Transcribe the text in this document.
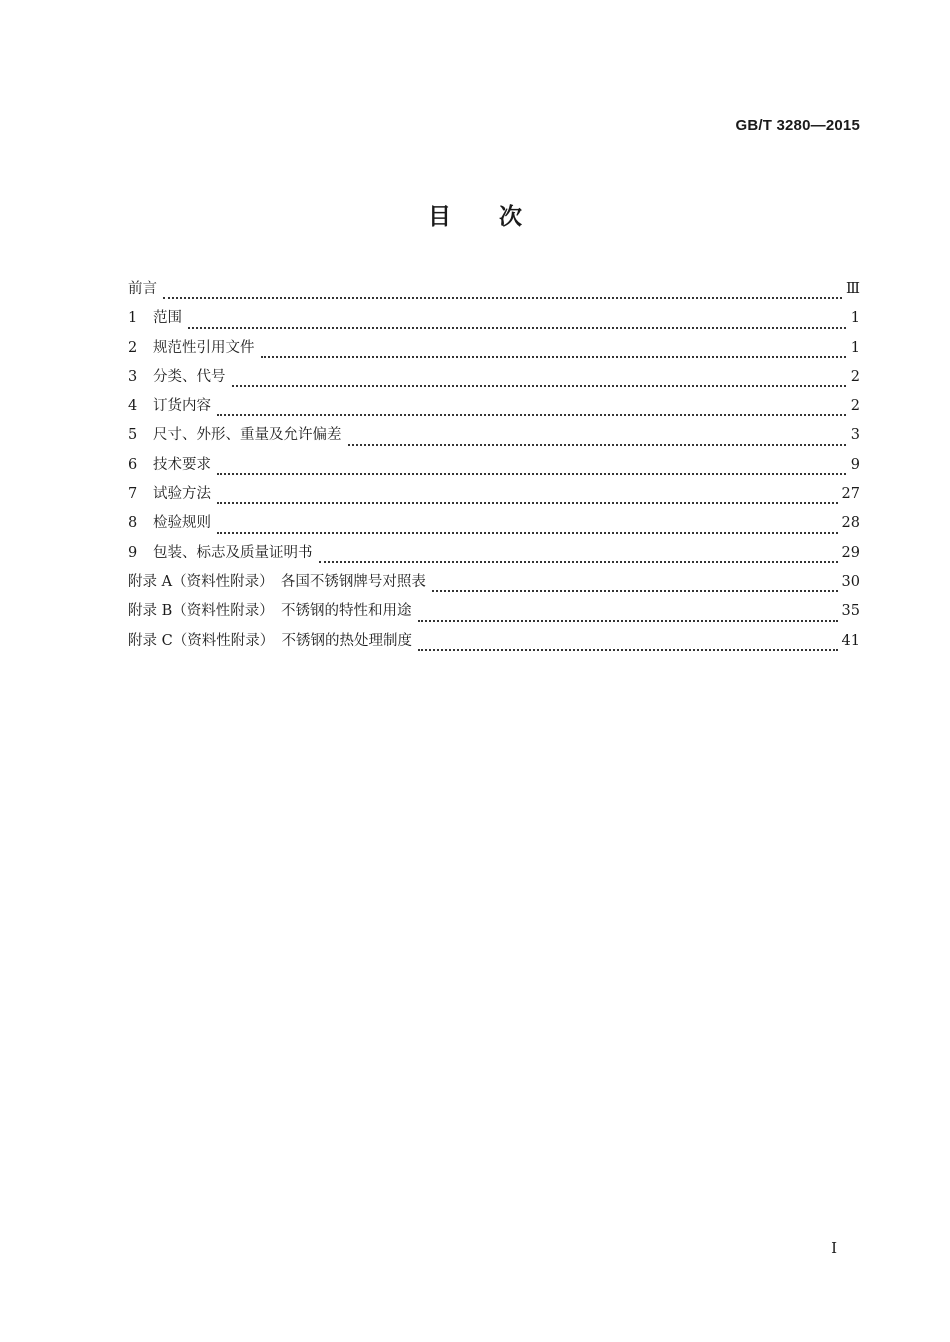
GB/T 3280—2015
目次
前言	Ⅲ
1	范围	1
2	规范性引用文件	1
3	分类、代号	2
4	订货内容	2
5	尺寸、外形、重量及允许偏差	3
6	技术要求	9
7	试验方法	27
8	检验规则	28
9	包装、标志及质量证明书	29
附录 A（资料性附录）　各国不锈钢牌号对照表	30
附录 B（资料性附录）　不锈钢的特性和用途	35
附录 C（资料性附录）　不锈钢的热处理制度	41
I
